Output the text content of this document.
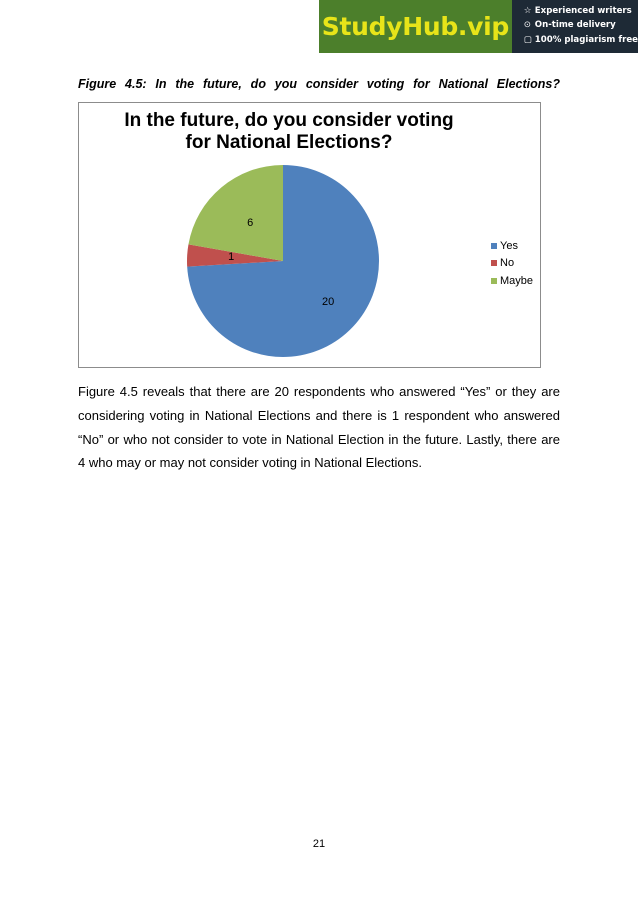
StudyHub.vip
☆ Experienced writers
⊙ On-time delivery
▢ 100% plagiarism free
Figure 4.5: In the future, do you consider voting for National Elections?
In the future, do you consider voting for National Elections?
20
1
6
Yes
No
Maybe

Figure 4.5 reveals that there are 20 respondents who answered “Yes” or they are considering voting in National Elections and there is 1 respondent who answered “No” or who not consider to vote in National Election in the future. Lastly, there are 4 who may or may not consider voting in National Elections.

21
